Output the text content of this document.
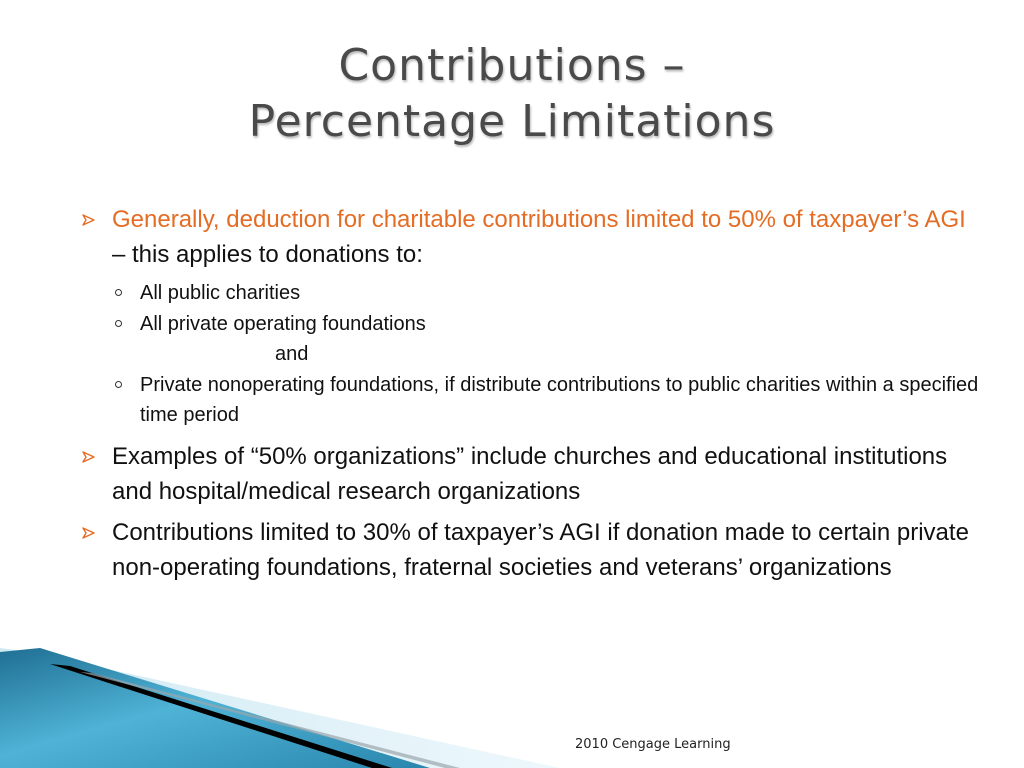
Contributions –
Percentage Limitations
Generally, deduction for charitable contributions limited to 50% of taxpayer’s AGI – this applies to donations to:
All public charities
All private operating foundations
and
Private nonoperating foundations, if distribute contributions to public charities within a specified time period
Examples of “50% organizations” include churches and educational institutions and hospital/medical research organizations
Contributions limited to 30% of taxpayer’s AGI if donation made to certain private non-operating foundations, fraternal societies and veterans’ organizations
2010 Cengage Learning
